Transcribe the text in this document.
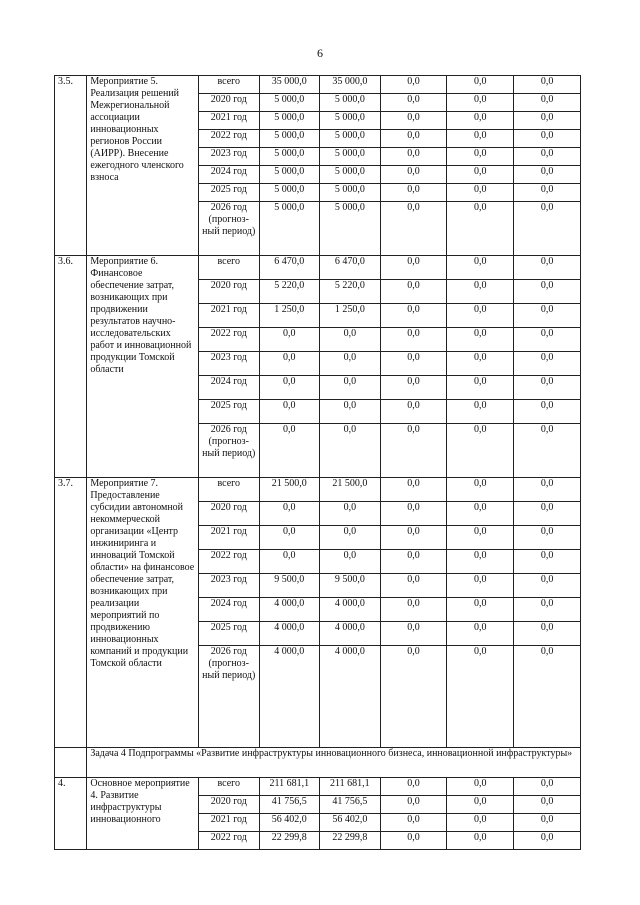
6
3.5.	Мероприятие 5. Реализация решений Межрегиональной ассоциации инновационных регионов России (АИРР). Внесение ежегодного членского взноса	всего	35 000,0	35 000,0	0,0	0,0	0,0
		2020 год	5 000,0	5 000,0	0,0	0,0	0,0
		2021 год	5 000,0	5 000,0	0,0	0,0	0,0
		2022 год	5 000,0	5 000,0	0,0	0,0	0,0
		2023 год	5 000,0	5 000,0	0,0	0,0	0,0
		2024 год	5 000,0	5 000,0	0,0	0,0	0,0
		2025 год	5 000,0	5 000,0	0,0	0,0	0,0
		2026 год (прогноз-ный период)	5 000,0	5 000,0	0,0	0,0	0,0
3.6.	Мероприятие 6. Финансовое обеспечение затрат, возникающих при продвижении результатов научно-исследовательских работ и инновационной продукции Томской области	всего	6 470,0	6 470,0	0,0	0,0	0,0
		2020 год	5 220,0	5 220,0	0,0	0,0	0,0
		2021 год	1 250,0	1 250,0	0,0	0,0	0,0
		2022 год	0,0	0,0	0,0	0,0	0,0
		2023 год	0,0	0,0	0,0	0,0	0,0
		2024 год	0,0	0,0	0,0	0,0	0,0
		2025 год	0,0	0,0	0,0	0,0	0,0
		2026 год (прогноз-ный период)	0,0	0,0	0,0	0,0	0,0
3.7.	Мероприятие 7. Предоставление субсидии автономной некоммерческой организации «Центр инжиниринга и инноваций Томской области» на финансовое обеспечение затрат, возникающих при реализации мероприятий по продвижению инновационных компаний и продукции Томской области	всего	21 500,0	21 500,0	0,0	0,0	0,0
		2020 год	0,0	0,0	0,0	0,0	0,0
		2021 год	0,0	0,0	0,0	0,0	0,0
		2022 год	0,0	0,0	0,0	0,0	0,0
		2023 год	9 500,0	9 500,0	0,0	0,0	0,0
		2024 год	4 000,0	4 000,0	0,0	0,0	0,0
		2025 год	4 000,0	4 000,0	0,0	0,0	0,0
		2026 год (прогноз-ный период)	4 000,0	4 000,0	0,0	0,0	0,0
	Задача 4 Подпрограммы «Развитие инфраструктуры инновационного бизнеса, инновационной инфраструктуры»						
4.	Основное мероприятие 4. Развитие инфраструктуры инновационного	всего	211 681,1	211 681,1	0,0	0,0	0,0
		2020 год	41 756,5	41 756,5	0,0	0,0	0,0
		2021 год	56 402,0	56 402,0	0,0	0,0	0,0
		2022 год	22 299,8	22 299,8	0,0	0,0	0,0
